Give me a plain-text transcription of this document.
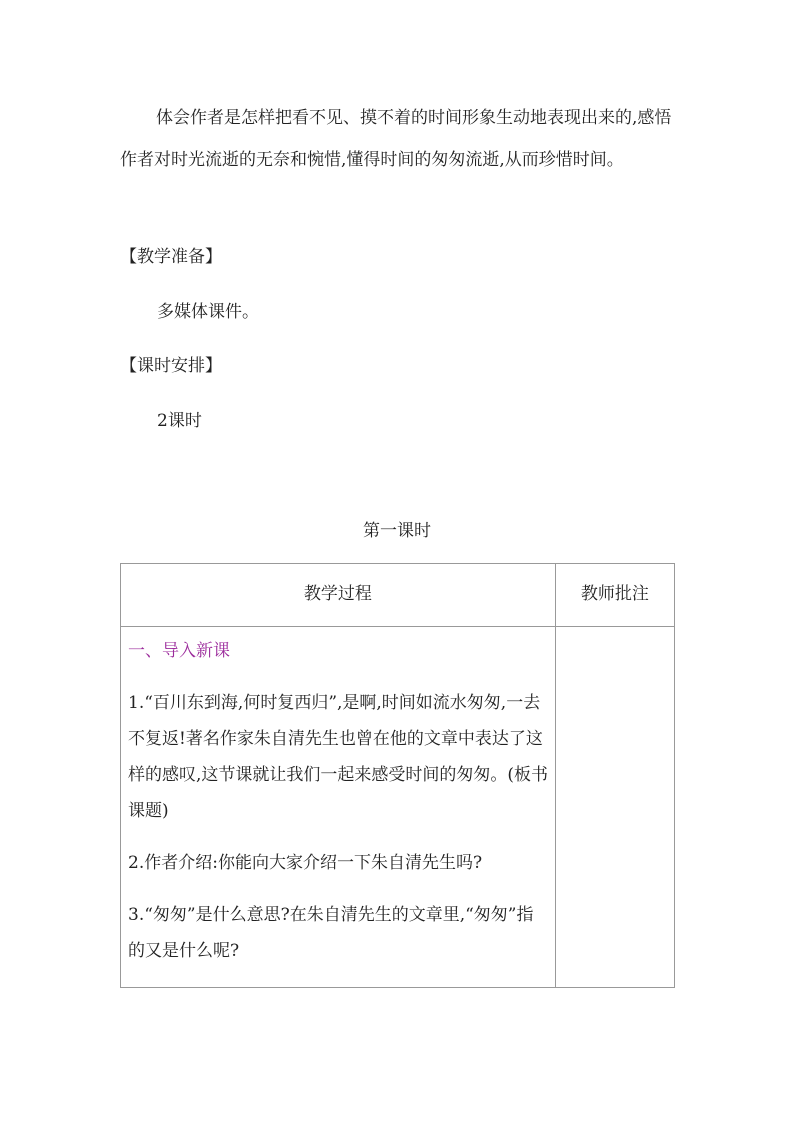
体会作者是怎样把看不见、摸不着的时间形象生动地表现出来的,感悟作者对时光流逝的无奈和惋惜,懂得时间的匆匆流逝,从而珍惜时间。

【教学准备】

多媒体课件。

【课时安排】

2课时

第一课时

教学过程	教师批注

一、导入新课

1.“百川东到海,何时复西归”,是啊,时间如流水匆匆,一去不复返!著名作家朱自清先生也曾在他的文章中表达了这样的感叹,这节课就让我们一起来感受时间的匆匆。(板书课题)

2.作者介绍:你能向大家介绍一下朱自清先生吗?

3.“匆匆”是什么意思?在朱自清先生的文章里,“匆匆”指的又是什么呢?	
